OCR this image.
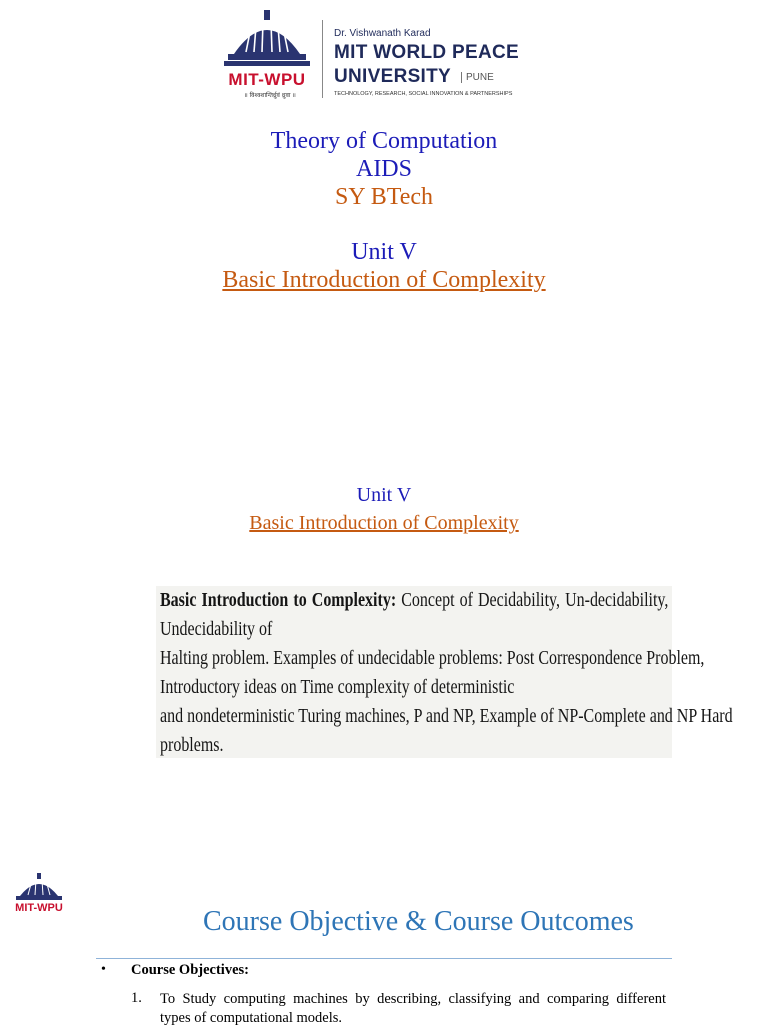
MIT-WPU
॥ विश्वशान्तिर्ध्रुवं ध्रुवा ॥
Dr. Vishwanath Karad
MIT WORLD PEACE
UNIVERSITY	PUNE
TECHNOLOGY, RESEARCH, SOCIAL INNOVATION & PARTNERSHIPS
Theory of Computation
AIDS
SY BTech
Unit V
Basic Introduction of Complexity
Unit V
Basic Introduction of Complexity
Basic Introduction to Complexity: Concept of Decidability, Un-decidability,
Undecidability of
Halting problem. Examples of undecidable problems: Post Correspondence Problem,
Introductory ideas on Time complexity of deterministic
and nondeterministic Turing machines, P and NP, Example of NP-Complete and NP Hard
problems.
MIT-WPU	Course Objective & Course Outcomes
• Course Objectives:
1. To Study computing machines by describing, classifying and comparing different types of computational models.
